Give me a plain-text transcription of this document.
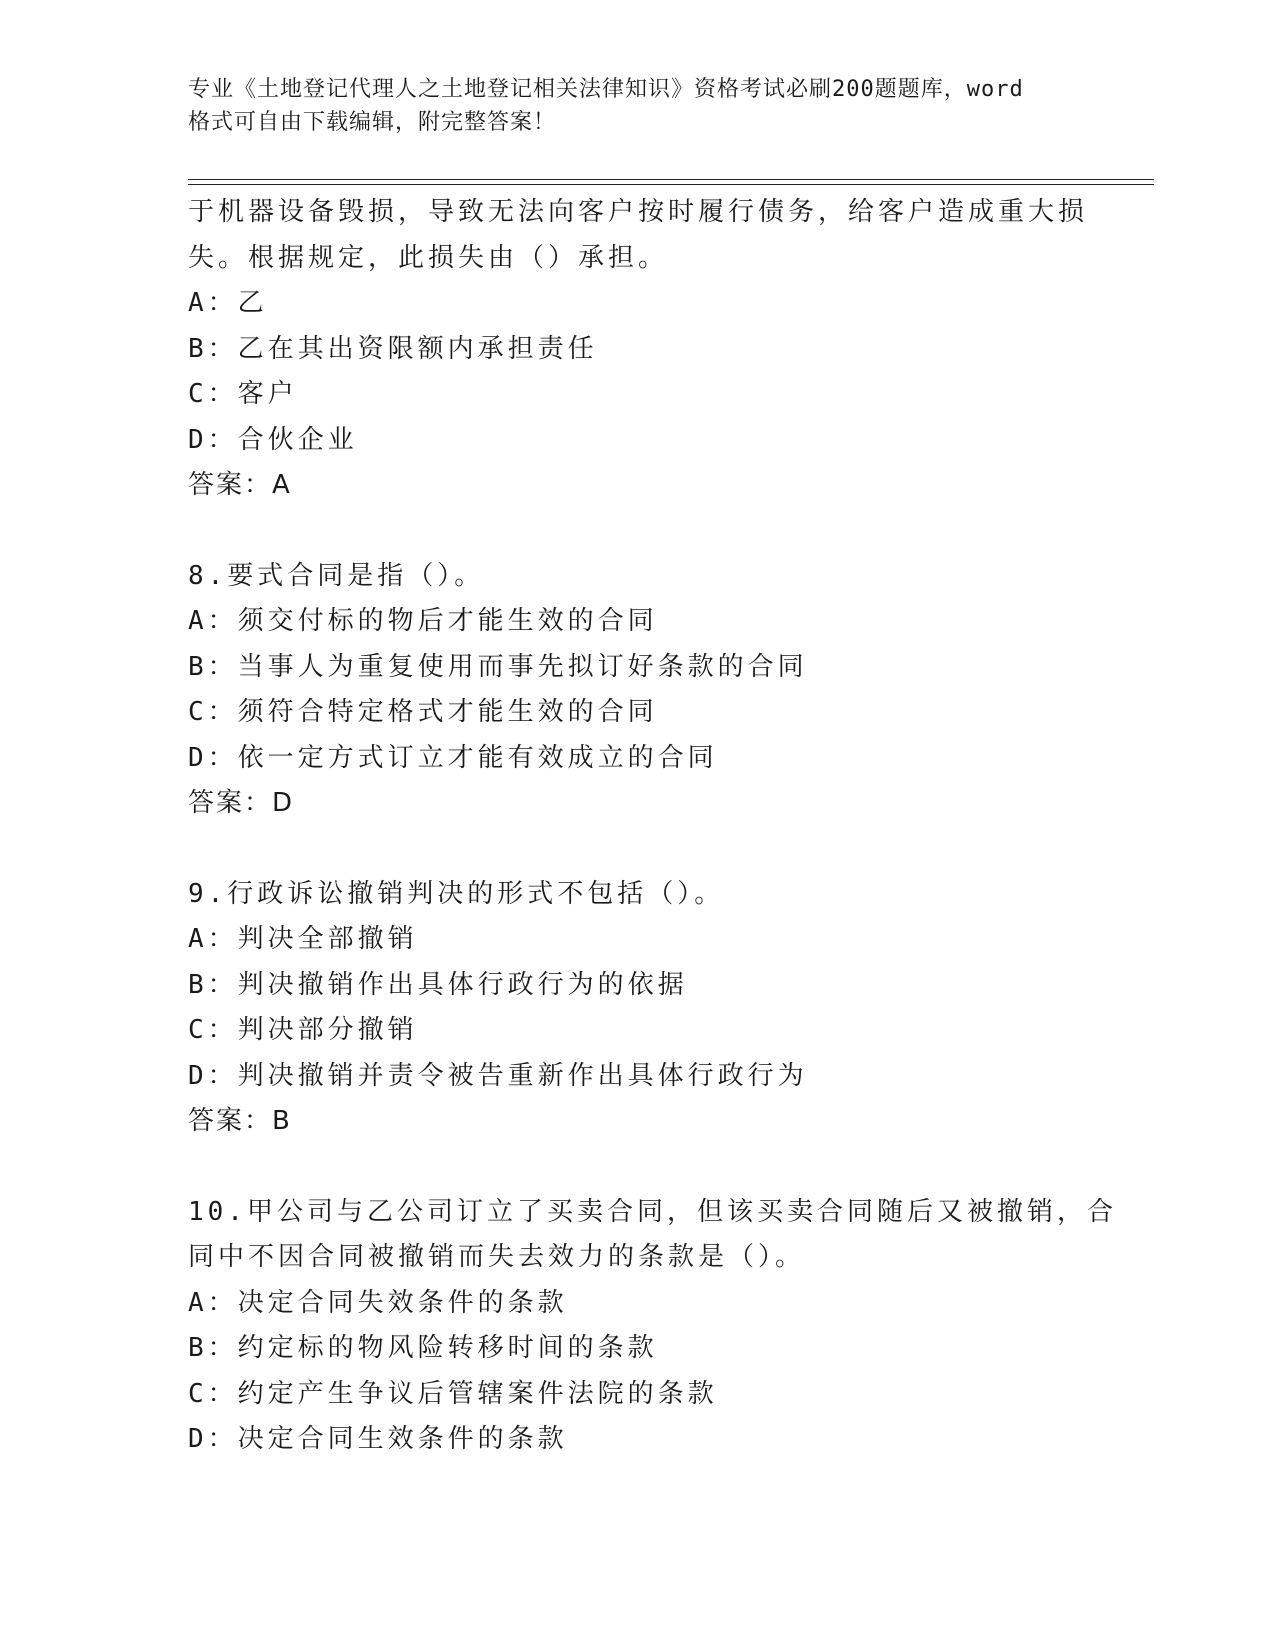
专业《土地登记代理人之土地登记相关法律知识》资格考试必刷200题题库，word
格式可自由下载编辑，附完整答案！
于机器设备毁损，导致无法向客户按时履行债务，给客户造成重大损
失。根据规定，此损失由（）承担。
A：乙
B：乙在其出资限额内承担责任
C：客户
D：合伙企业
答案：A
8.要式合同是指（）。
A：须交付标的物后才能生效的合同
B：当事人为重复使用而事先拟订好条款的合同
C：须符合特定格式才能生效的合同
D：依一定方式订立才能有效成立的合同
答案：D
9.行政诉讼撤销判决的形式不包括（）。
A：判决全部撤销
B：判决撤销作出具体行政行为的依据
C：判决部分撤销
D：判决撤销并责令被告重新作出具体行政行为
答案：B
10.甲公司与乙公司订立了买卖合同，但该买卖合同随后又被撤销，合
同中不因合同被撤销而失去效力的条款是（）。
A：决定合同失效条件的条款
B：约定标的物风险转移时间的条款
C：约定产生争议后管辖案件法院的条款
D：决定合同生效条件的条款
